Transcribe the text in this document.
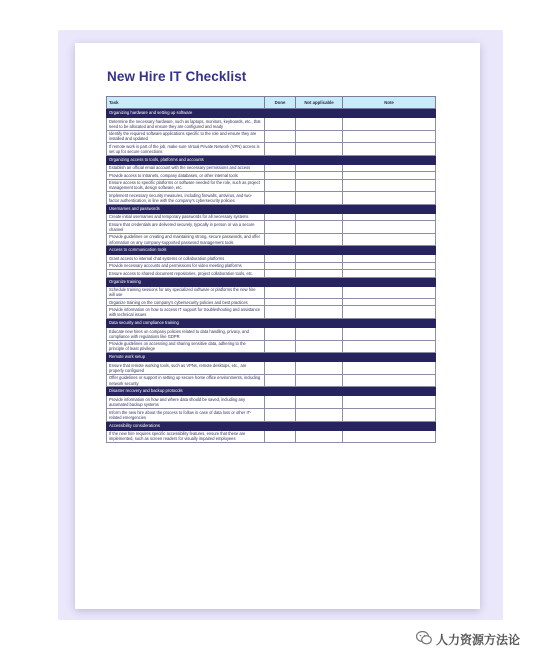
New Hire IT Checklist
Task	Done	Not applicable	Note
Organizing hardware and setting up software			
Determine the necessary hardware, such as laptops, monitors, keyboards, etc., that need to be allocated and ensure they are configured and ready			
Identify the required software applications specific to the role and ensure they are installed and updated			
If remote work is part of the job, make sure Virtual Private Network (VPN) access is set up for secure connections			
Organizing access to tools, platforms and accounts			
Establish an official email account with the necessary permissions and access			
Provide access to intranets, company databases, or other internal tools			
Ensure access to specific platforms or software needed for the role, such as project management tools, design software, etc.			
Implement necessary security measures, including firewalls, antivirus, and two-factor authentication, in line with the company's cybersecurity policies			
Usernames and passwords			
Create initial usernames and temporary passwords for all necessary systems			
Ensure that credentials are delivered securely, typically in person or via a secure channel			
Provide guidelines on creating and maintaining strong, secure passwords, and offer information on any company-supported password management tools			
Access to communication tools			
Grant access to internal chat systems or collaboration platforms			
Provide necessary accounts and permissions for video meeting platforms			
Ensure access to shared document repositories, project collaboration tools, etc.			
Organize training			
Schedule training sessions for any specialized software or platforms the new hire will use			
Organize training on the company's cybersecurity policies and best practices			
Provide information on how to access IT support for troubleshooting and assistance with technical issues			
Data security and compliance training			
Educate new hires on company policies related to data handling, privacy, and compliance with regulations like GDPR			
Provide guidelines on accessing and sharing sensitive data, adhering to the principle of least privilege			
Remote work setup			
Ensure that remote working tools, such as VPNs, remote desktops, etc., are properly configured			
Offer guidelines or support in setting up secure home office environments, including network security			
Disaster recovery and backup protocols			
Provide information on how and where data should be saved, including any automated backup systems			
Inform the new hire about the process to follow in case of data loss or other IT-related emergencies			
Accessibility considerations			
If the new hire requires specific accessibility features, ensure that these are implemented, such as screen readers for visually impaired employees			
人力资源方法论
